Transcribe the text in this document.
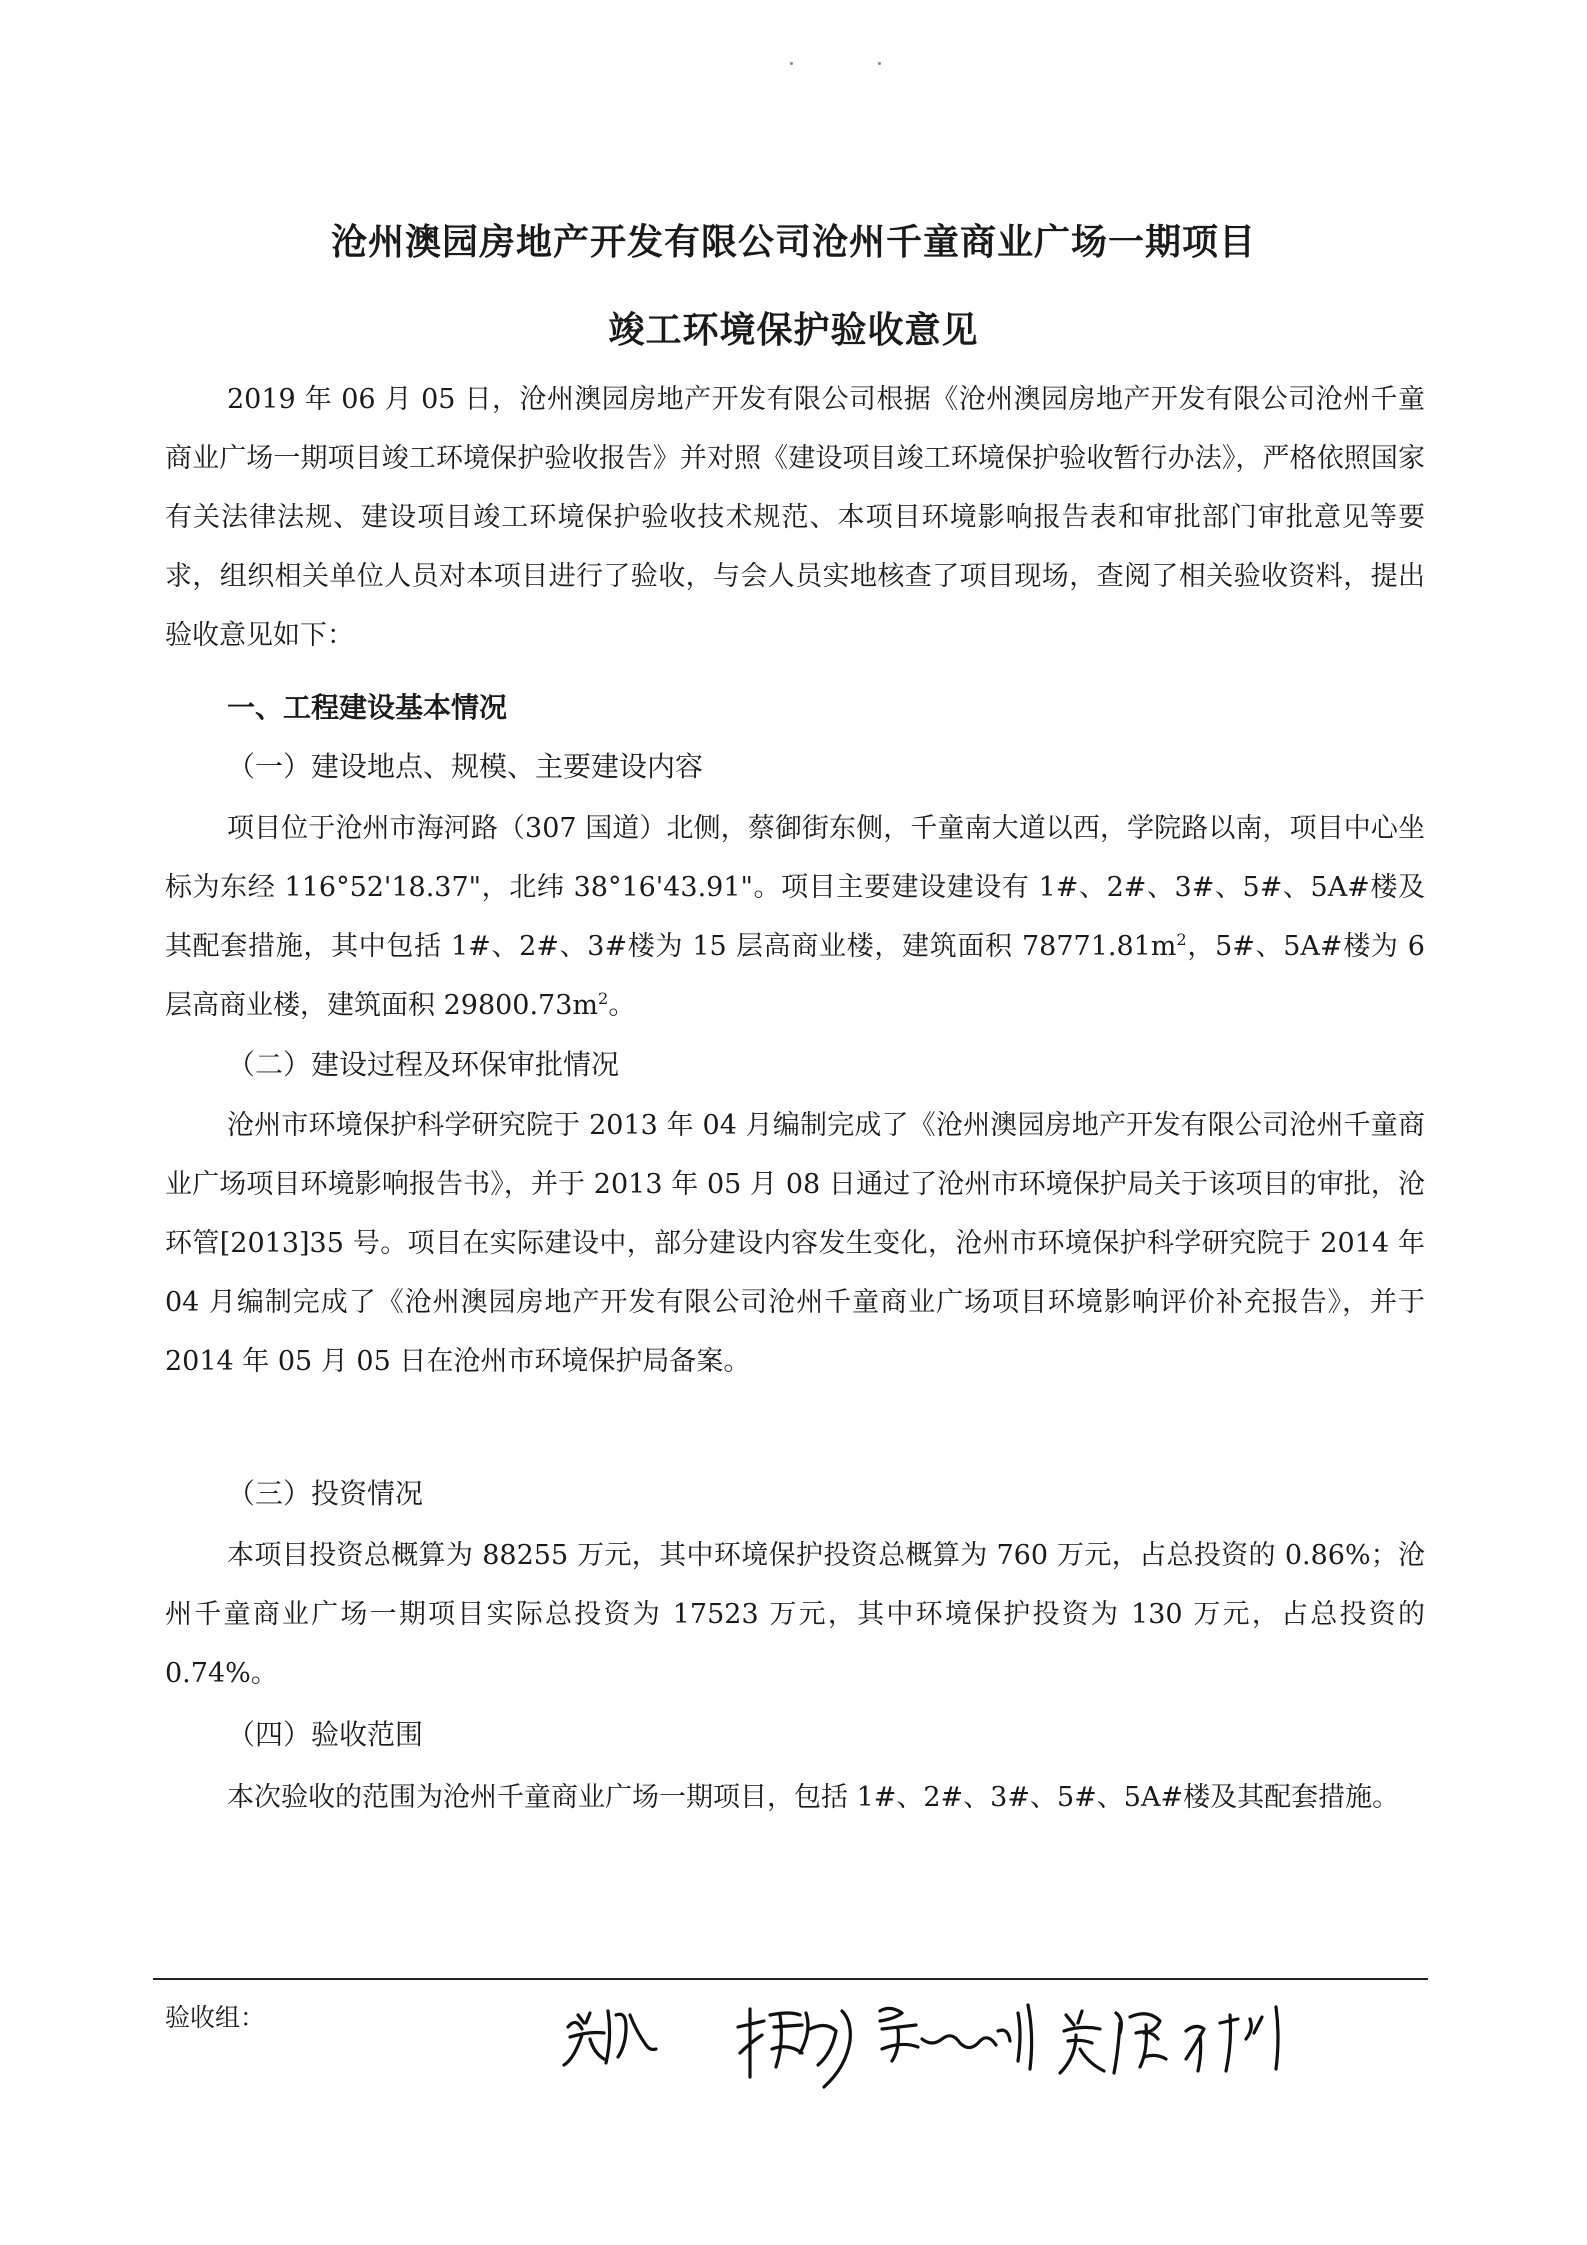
沧州澳园房地产开发有限公司沧州千童商业广场一期项目
竣工环境保护验收意见

2019 年 06 月 05 日，沧州澳园房地产开发有限公司根据《沧州澳园房地产开发有限公司沧州千童商业广场一期项目竣工环境保护验收报告》并对照《建设项目竣工环境保护验收暂行办法》，严格依照国家有关法律法规、建设项目竣工环境保护验收技术规范、本项目环境影响报告表和审批部门审批意见等要求，组织相关单位人员对本项目进行了验收，与会人员实地核查了项目现场，查阅了相关验收资料，提出验收意见如下：

一、工程建设基本情况

（一）建设地点、规模、主要建设内容

项目位于沧州市海河路（307 国道）北侧，蔡御街东侧，千童南大道以西，学院路以南，项目中心坐标为东经 116°52'18.37"，北纬 38°16'43.91"。项目主要建设建设有 1#、2#、3#、5#、5A#楼及其配套措施，其中包括 1#、2#、3#楼为 15 层高商业楼，建筑面积 $78771.81m^2$，5#、5A#楼为 6 层高商业楼，建筑面积 $29800.73m^2$。

（二）建设过程及环保审批情况

沧州市环境保护科学研究院于 2013 年 04 月编制完成了《沧州澳园房地产开发有限公司沧州千童商业广场项目环境影响报告书》，并于 2013 年 05 月 08 日通过了沧州市环境保护局关于该项目的审批，沧环管[2013]35 号。项目在实际建设中，部分建设内容发生变化，沧州市环境保护科学研究院于 2014 年 04 月编制完成了《沧州澳园房地产开发有限公司沧州千童商业广场项目环境影响评价补充报告》，并于 2014 年 05 月 05 日在沧州市环境保护局备案。

（三）投资情况

本项目投资总概算为 88255 万元，其中环境保护投资总概算为 760 万元，占总投资的 0.86%；沧州千童商业广场一期项目实际总投资为 17523 万元，其中环境保护投资为 130 万元，占总投资的 0.74%。

（四）验收范围

本次验收的范围为沧州千童商业广场一期项目，包括 1#、2#、3#、5#、5A#楼及其配套措施。

验收组：
